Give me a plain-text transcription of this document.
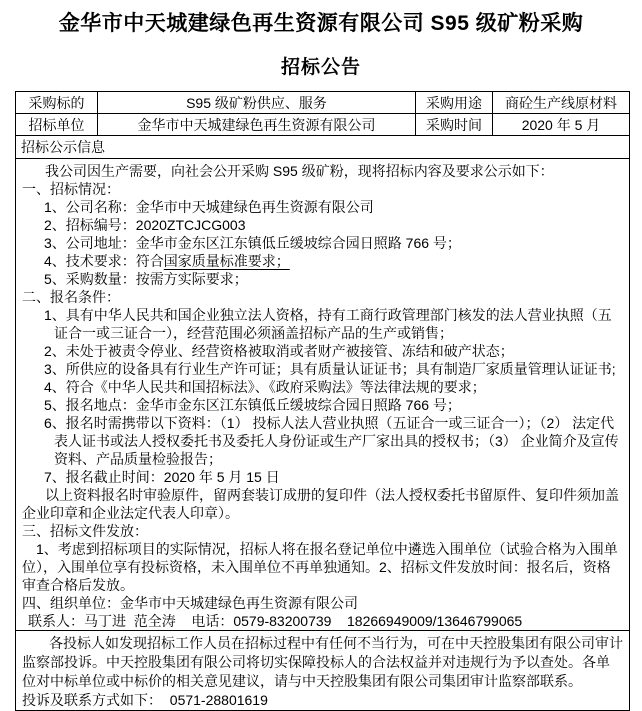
金华市中天城建绿色再生资源有限公司 S95 级矿粉采购
招标公告
采购标的	S95 级矿粉供应、服务	采购用途	商砼生产线原材料
招标单位	金华市中天城建绿色再生资源有限公司	采购时间	2020 年 5 月
招标公示信息			

我公司因生产需要，向社会公开采购 S95 级矿粉，现将招标内容及要求公示如下：

一、招标情况：

1、公司名称：金华市中天城建绿色再生资源有限公司
2、招标编号：2020ZTCJCG003
3、公司地址：金华市金东区江东镇低丘缓坡综合园日照路 766 号；
4、技术要求：符合国家质量标准要求；
5、采购数量：按需方实际要求；

二、报名条件：

1、具有中华人民共和国企业独立法人资格，持有工商行政管理部门核发的法人营业执照（五证合一或三证合一），经营范围必须涵盖招标产品的生产或销售；
2、未处于被责令停业、经营资格被取消或者财产被接管、冻结和破产状态；
3、所供应的设备具有行业生产许可证；具有质量认证证书；具有制造厂家质量管理认证证书;
4、符合《中华人民共和国招标法》、《政府采购法》等法律法规的要求；
5、报名地点：金华市金东区江东镇低丘缓坡综合园日照路 766 号；
6、报名时需携带以下资料：（1） 投标人法人营业执照（五证合一或三证合一）；（2） 法定代表人证书或法人授权委托书及委托人身份证或生产厂家出具的授权书；（3） 企业简介及宣传资料、产品质量检验报告；
7、报名截止时间：2020 年 5 月 15 日

以上资料报名时审验原件，留两套装订成册的复印件（法人授权委托书留原件、复印件须加盖企业印章和企业法定代表人印章）。

三、招标文件发放：

1、考虑到招标项目的实际情况，招标人将在报名登记单位中遴选入围单位（试验合格为入围单位），入围单位享有投标资格，未入围单位不再单独通知。2、招标文件发放时间：报名后，资格审查合格后发放。

四、组织单位：金华市中天城建绿色再生资源有限公司

联系人：马丁进  范全涛    电话：0579-83200739    18266949009/13646799065

各投标人如发现招标工作人员在招标过程中有任何不当行为，可在中天控股集团有限公司审计监察部投诉。中天控股集团有限公司将切实保障投标人的合法权益并对违规行为予以查处。各单位对中标单位或中标价的相关意见建议，请与中天控股集团有限公司集团审计监察部联系。

投诉及联系方式如下：  0571-28801619			
